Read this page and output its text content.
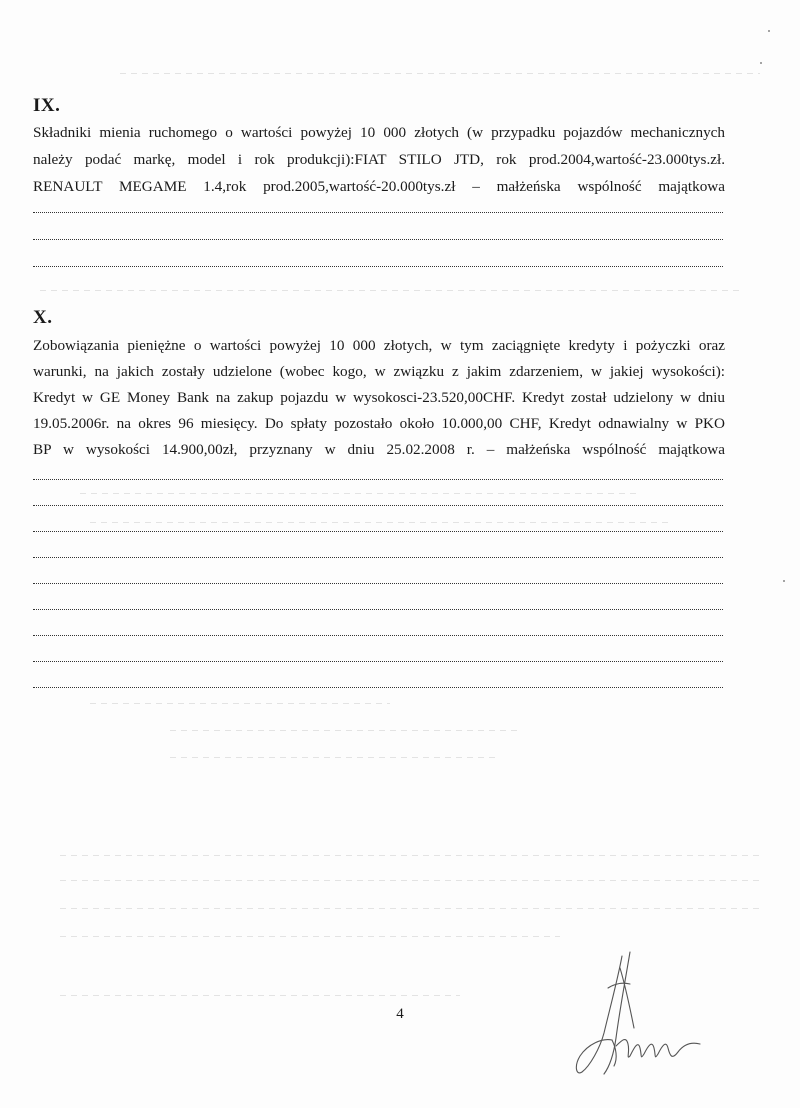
IX.
Składniki mienia ruchomego o wartości powyżej 10 000 złotych (w przypadku pojazdów mechanicznych
należy podać markę, model i rok produkcji):FIAT STILO JTD, rok prod.2004,wartość-23.000tys.zł.
RENAULT MEGAME 1.4,rok prod.2005,wartość-20.000tys.zł – małżeńska wspólność majątkowa
X.
Zobowiązania pieniężne o wartości powyżej 10 000 złotych, w tym zaciągnięte kredyty i pożyczki oraz
warunki, na jakich zostały udzielone (wobec kogo, w związku z jakim zdarzeniem, w jakiej wysokości):
Kredyt w GE Money Bank na zakup pojazdu w wysokosci-23.520,00CHF. Kredyt został udzielony w dniu
19.05.2006r. na okres 96 miesięcy. Do spłaty pozostało około 10.000,00 CHF, Kredyt odnawialny w PKO
BP w wysokości 14.900,00zł, przyznany w dniu 25.02.2008 r. – małżeńska wspólność majątkowa
4
